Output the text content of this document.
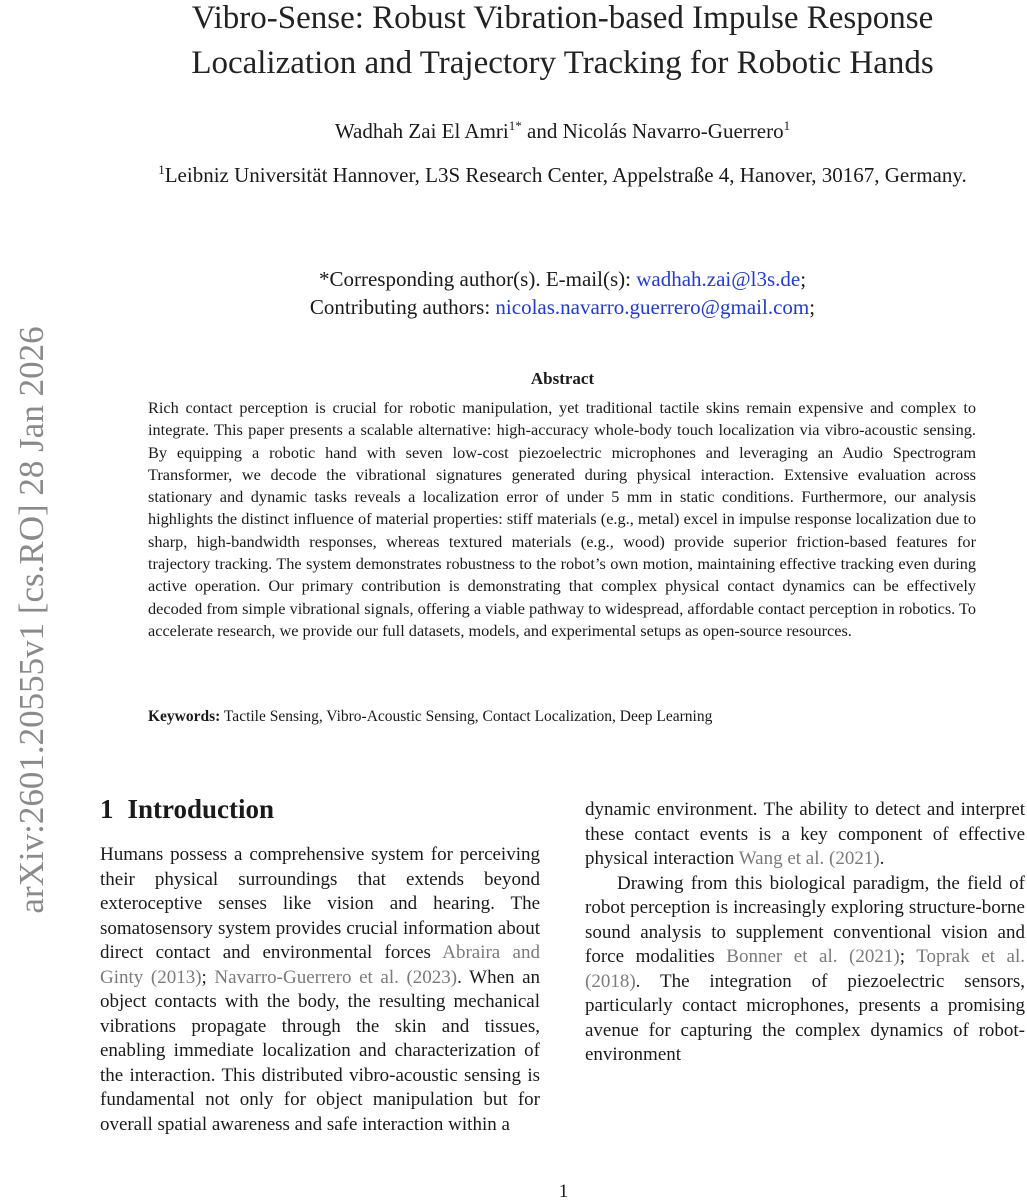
arXiv:2601.20555v1 [cs.RO] 28 Jan 2026
Vibro-Sense: Robust Vibration-based Impulse Response
Localization and Trajectory Tracking for Robotic Hands
Wadhah Zai El Amri$^{1*}$ and Nicolás Navarro-Guerrero$^1$
$^1$Leibniz Universität Hannover, L3S Research Center, Appelstraße 4, Hanover, 30167, Germany.
*Corresponding author(s). E-mail(s): wadhah.zai@l3s.de;
Contributing authors: nicolas.navarro.guerrero@gmail.com;
Abstract
Rich contact perception is crucial for robotic manipulation, yet traditional tactile skins remain expensive and complex to integrate. This paper presents a scalable alternative: high-accuracy whole-body touch localization via vibro-acoustic sensing. By equipping a robotic hand with seven low-cost piezoelectric microphones and leveraging an Audio Spectrogram Transformer, we decode the vibrational signatures generated during physical interaction. Extensive evaluation across stationary and dynamic tasks reveals a localization error of under 5 mm in static conditions. Furthermore, our analysis highlights the distinct influence of material properties: stiff materials (e.g., metal) excel in impulse response localization due to sharp, high-bandwidth responses, whereas textured materials (e.g., wood) provide superior friction-based features for trajectory tracking. The system demonstrates robustness to the robot’s own motion, maintaining effective tracking even during active operation. Our primary contribution is demonstrating that complex physical contact dynamics can be effectively decoded from simple vibrational signals, offering a viable pathway to widespread, affordable contact perception in robotics. To accelerate research, we provide our full datasets, models, and experimental setups as open-source resources.
Keywords: Tactile Sensing, Vibro-Acoustic Sensing, Contact Localization, Deep Learning
1 Introduction

Humans possess a comprehensive system for perceiving their physical surroundings that extends beyond exteroceptive senses like vision and hearing. The somatosensory system provides crucial information about direct contact and environmental forces Abraira and Ginty (2013); Navarro-Guerrero et al. (2023). When an object contacts with the body, the resulting mechanical vibrations propagate through the skin and tissues, enabling immediate localization and characterization of the interaction. This distributed vibro-acoustic sensing is fundamental not only for object manipulation but for overall spatial awareness and safe interaction within a

dynamic environment. The ability to detect and interpret these contact events is a key component of effective physical interaction Wang et al. (2021).

Drawing from this biological paradigm, the field of robot perception is increasingly exploring structure-borne sound analysis to supplement conventional vision and force modalities Bonner et al. (2021); Toprak et al. (2018). The integration of piezoelectric sensors, particularly contact microphones, presents a promising avenue for capturing the complex dynamics of robot-environment

1
